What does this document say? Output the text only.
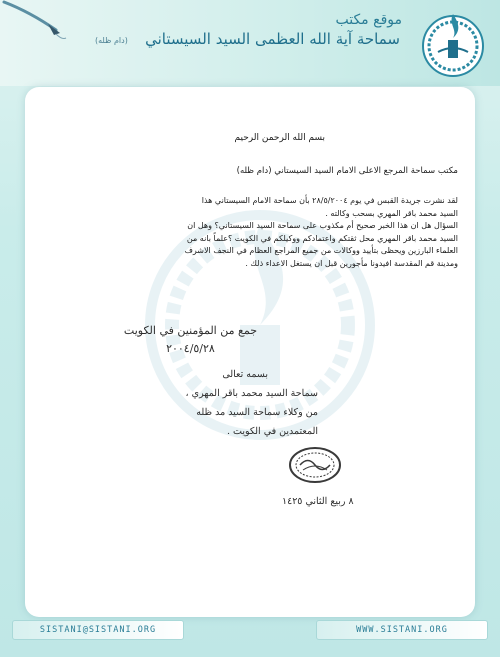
موقع مكتب
سماحة آية الله العظمى السيد السيستاني
(دام ظله)
بسم الله الرحمن الرحيم
مكتب سماحة المرجع الاعلى الامام السيد السيستاني (دام ظله)
لقد نشرت جريدة القبس في يوم ٢٨/٥/٢٠٠٤ بأن سماحة الامام السيستاني هذا
السيد محمد باقر المهري بسحب وكالته .
السؤال هل ان هذا الخبر صحيح أم مكذوب على سماحة السيد السيستاني؟ وهل ان
السيد محمد باقر المهري محل ثقتكم واعتمادكم ووكيلكم في الكويت ؟علماً بانه من
العلماء البارزين ويحظى بتأييد ووكالات من جميع المراجع العظام في النجف الاشرف
ومدينة قم المقدسة افيدونا مأجورين قبل ان يستغل الاعداء ذلك .
جمع من المؤمنين في الكويت
٢٠٠٤/٥/٢٨
بسمه تعالى
سماحة السيد محمد باقر المهري ،
من وكلاء سماحة السيد مد ظله
المعتمدين في الكويت .
٨ ربيع الثاني ١٤٢٥
SISTANI@SISTANI.ORG	WWW.SISTANI.ORG
